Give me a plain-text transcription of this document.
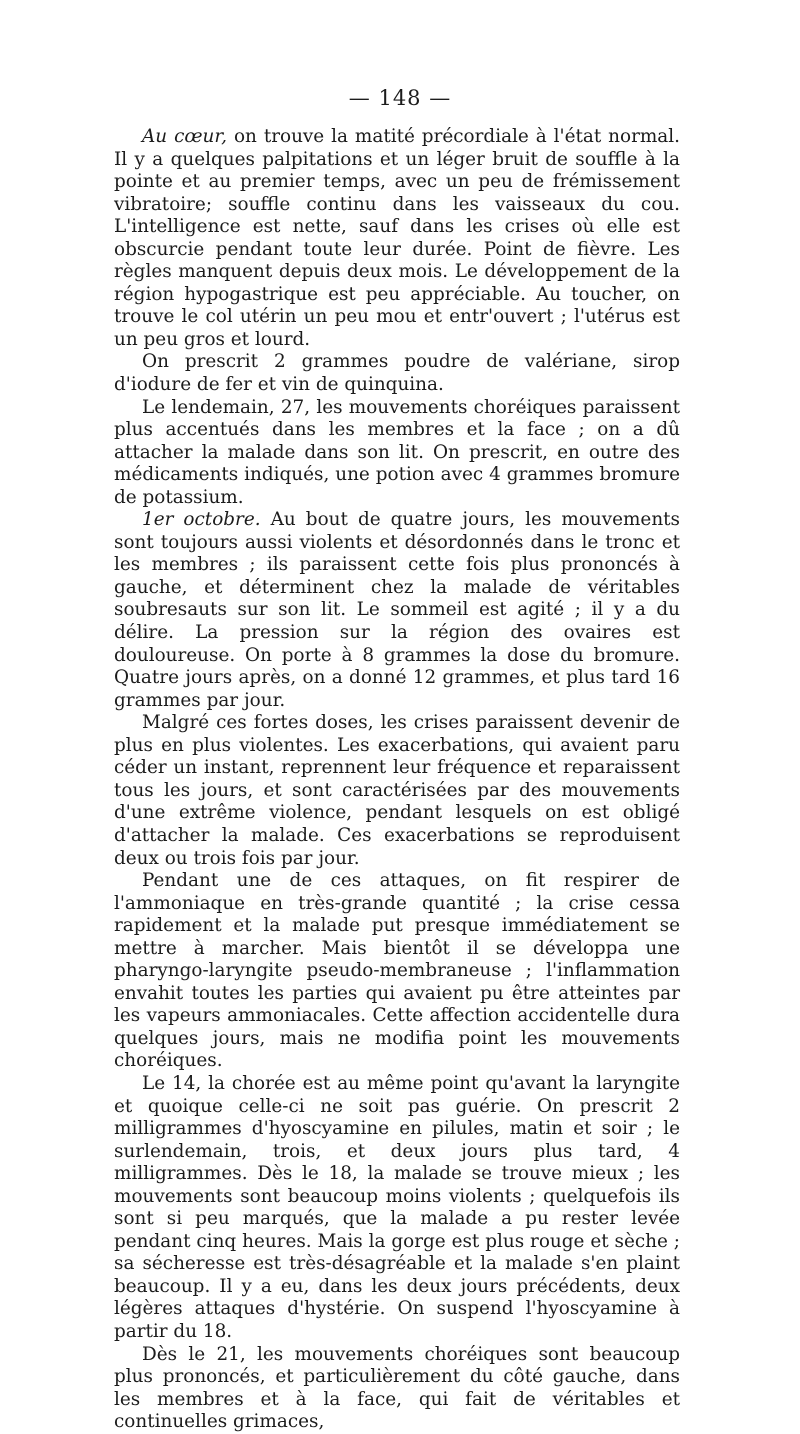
— 148 —

Au cœur, on trouve la matité précordiale à l'état normal. Il y a quelques palpitations et un léger bruit de souffle à la pointe et au premier temps, avec un peu de frémissement vibratoire; souffle continu dans les vaisseaux du cou. L'intelligence est nette, sauf dans les crises où elle est obscurcie pendant toute leur durée. Point de fièvre. Les règles manquent depuis deux mois. Le développement de la région hypogastrique est peu appréciable. Au toucher, on trouve le col utérin un peu mou et entr'ouvert ; l'utérus est un peu gros et lourd.

On prescrit 2 grammes poudre de valériane, sirop d'iodure de fer et vin de quinquina.

Le lendemain, 27, les mouvements choréiques paraissent plus accentués dans les membres et la face ; on a dû attacher la malade dans son lit. On prescrit, en outre des médicaments indiqués, une potion avec 4 grammes bromure de potassium.

1er octobre. Au bout de quatre jours, les mouvements sont toujours aussi violents et désordonnés dans le tronc et les membres ; ils paraissent cette fois plus prononcés à gauche, et déterminent chez la malade de véritables soubresauts sur son lit. Le sommeil est agité ; il y a du délire. La pression sur la région des ovaires est douloureuse. On porte à 8 grammes la dose du bromure. Quatre jours après, on a donné 12 grammes, et plus tard 16 grammes par jour.

Malgré ces fortes doses, les crises paraissent devenir de plus en plus violentes. Les exacerbations, qui avaient paru céder un instant, reprennent leur fréquence et reparaissent tous les jours, et sont caractérisées par des mouvements d'une extrême violence, pendant lesquels on est obligé d'attacher la malade. Ces exacerbations se reproduisent deux ou trois fois par jour.

Pendant une de ces attaques, on fit respirer de l'ammoniaque en très-grande quantité ; la crise cessa rapidement et la malade put presque immédiatement se mettre à marcher. Mais bientôt il se développa une pharyngo-laryngite pseudo-membraneuse ; l'inflammation envahit toutes les parties qui avaient pu être atteintes par les vapeurs ammoniacales. Cette affection accidentelle dura quelques jours, mais ne modifia point les mouvements choréiques.

Le 14, la chorée est au même point qu'avant la laryngite et quoique celle-ci ne soit pas guérie. On prescrit 2 milligrammes d'hyoscyamine en pilules, matin et soir ; le surlendemain, trois, et deux jours plus tard, 4 milligrammes. Dès le 18, la malade se trouve mieux ; les mouvements sont beaucoup moins violents ; quelquefois ils sont si peu marqués, que la malade a pu rester levée pendant cinq heures. Mais la gorge est plus rouge et sèche ; sa sécheresse est très-désagréable et la malade s'en plaint beaucoup. Il y a eu, dans les deux jours précédents, deux légères attaques d'hystérie. On suspend l'hyoscyamine à partir du 18.

Dès le 21, les mouvements choréiques sont beaucoup plus prononcés, et particulièrement du côté gauche, dans les membres et à la face, qui fait de véritables et continuelles grimaces,
